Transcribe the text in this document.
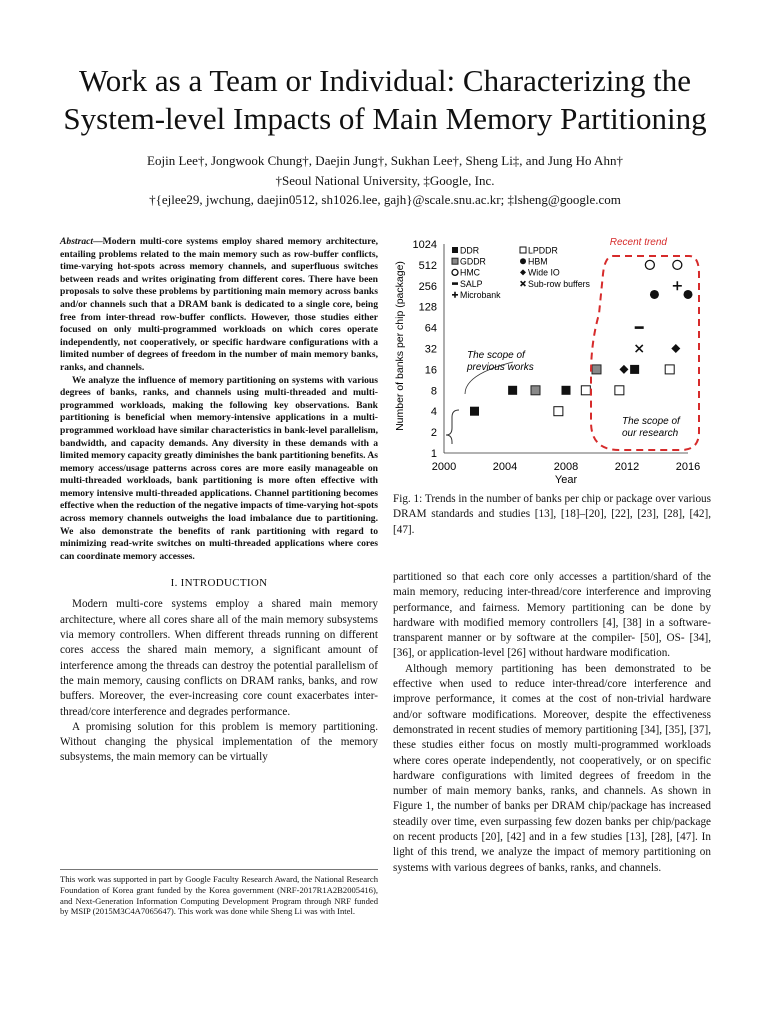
Work as a Team or Individual: Characterizing the
System-level Impacts of Main Memory Partitioning
Eojin Lee†, Jongwook Chung†, Daejin Jung†, Sukhan Lee†, Sheng Li‡, and Jung Ho Ahn†
†Seoul National University, ‡Google, Inc.
†{ejlee29, jwchung, daejin0512, sh1026.lee, gajh}@scale.snu.ac.kr; ‡lsheng@google.com

Abstract—Modern multi-core systems employ shared memory architecture, entailing problems related to the main memory such as row-buffer conflicts, time-varying hot-spots across memory channels, and superfluous switches between reads and writes originating from different cores. There have been proposals to solve these problems by partitioning main memory across banks and/or channels such that a DRAM bank is dedicated to a single core, being free from inter-thread row-buffer conflicts. However, those studies either focused on only multi-programmed workloads on which cores operate independently, not cooperatively, or specific hardware configurations with a limited number of degrees of freedom in the number of main memory banks, ranks, and channels.

We analyze the influence of memory partitioning on systems with various degrees of banks, ranks, and channels using multi-threaded and multi-programmed workloads, making the following key observations. Bank partitioning is beneficial when memory-intensive applications in a multi-programmed workload have similar characteristics in bank-level parallelism, bandwidth, and capacity demands. Any diversity in these demands with a limited memory capacity greatly diminishes the bank partitioning benefits. As memory access/usage patterns across cores are more easily manageable on multi-threaded workloads, bank partitioning is more often effective with memory intensive multi-threaded applications. Channel partitioning becomes effective when the reduction of the negative impacts of time-varying hot-spots across memory channels outweighs the load imbalance due to partitioning. We also demonstrate the benefits of rank partitioning with regard to minimizing read-write switches on multi-threaded applications where cores can coordinate memory accesses.

I. INTRODUCTION

Modern multi-core systems employ a shared main memory architecture, where all cores share all of the main memory subsystems via memory controllers. When different threads running on different cores access the shared main memory, a significant amount of interference among the threads can destroy the potential parallelism of the main memory, causing conflicts on DRAM ranks, banks, and row buffers. Moreover, the ever-increasing core count exacerbates inter-thread/core interference and degrades performance.

A promising solution for this problem is memory partitioning. Without changing the physical implementation of the memory subsystems, the main memory can be virtually

This work was supported in part by Google Faculty Research Award, the National Research Foundation of Korea grant funded by the Korea government (NRF-2017R1A2B2005416), and Next-Generation Information Computing Development Program through NRF funded by MSIP (2015M3C4A7065647). This work was done while Sheng Li was with Intel.
1
2
4
8
16
32
64
128
256
512
1024
2000	2004	2008	2012	2016
Number of banks per chip (package)
Year
DDR
GDDR
HMC
SALP
Microbank
LPDDR
HBM
Wide IO
Sub-row buffers
The scope of
previous works
Recent trend
The scope of
our research
Fig. 1: Trends in the number of banks per chip or package over various DRAM standards and studies [13], [18]–[20], [22], [23], [28], [42], [47].

partitioned so that each core only accesses a partition/shard of the main memory, reducing inter-thread/core interference and improving performance, and fairness. Memory partitioning can be done by hardware with modified memory controllers [4], [38] in a software-transparent manner or by software at the compiler- [50], OS- [34], [36], or application-level [26] without hardware modification.

Although memory partitioning has been demonstrated to be effective when used to reduce inter-thread/core interference and improve performance, it comes at the cost of non-trivial hardware and/or software modifications. Moreover, despite the effectiveness demonstrated in recent studies of memory partitioning [34], [35], [37], these studies either focus on mostly multi-programmed workloads where cores operate independently, not cooperatively, or on specific hardware configurations with limited degrees of freedom in the number of main memory banks, ranks, and channels. As shown in Figure 1, the number of banks per DRAM chip/package has increased steadily over time, even surpassing few dozen banks per chip/package on recent products [20], [42] and in a few studies [13], [28], [47]. In light of this trend, we analyze the impact of memory partitioning on systems with various degrees of banks, ranks, and channels.
